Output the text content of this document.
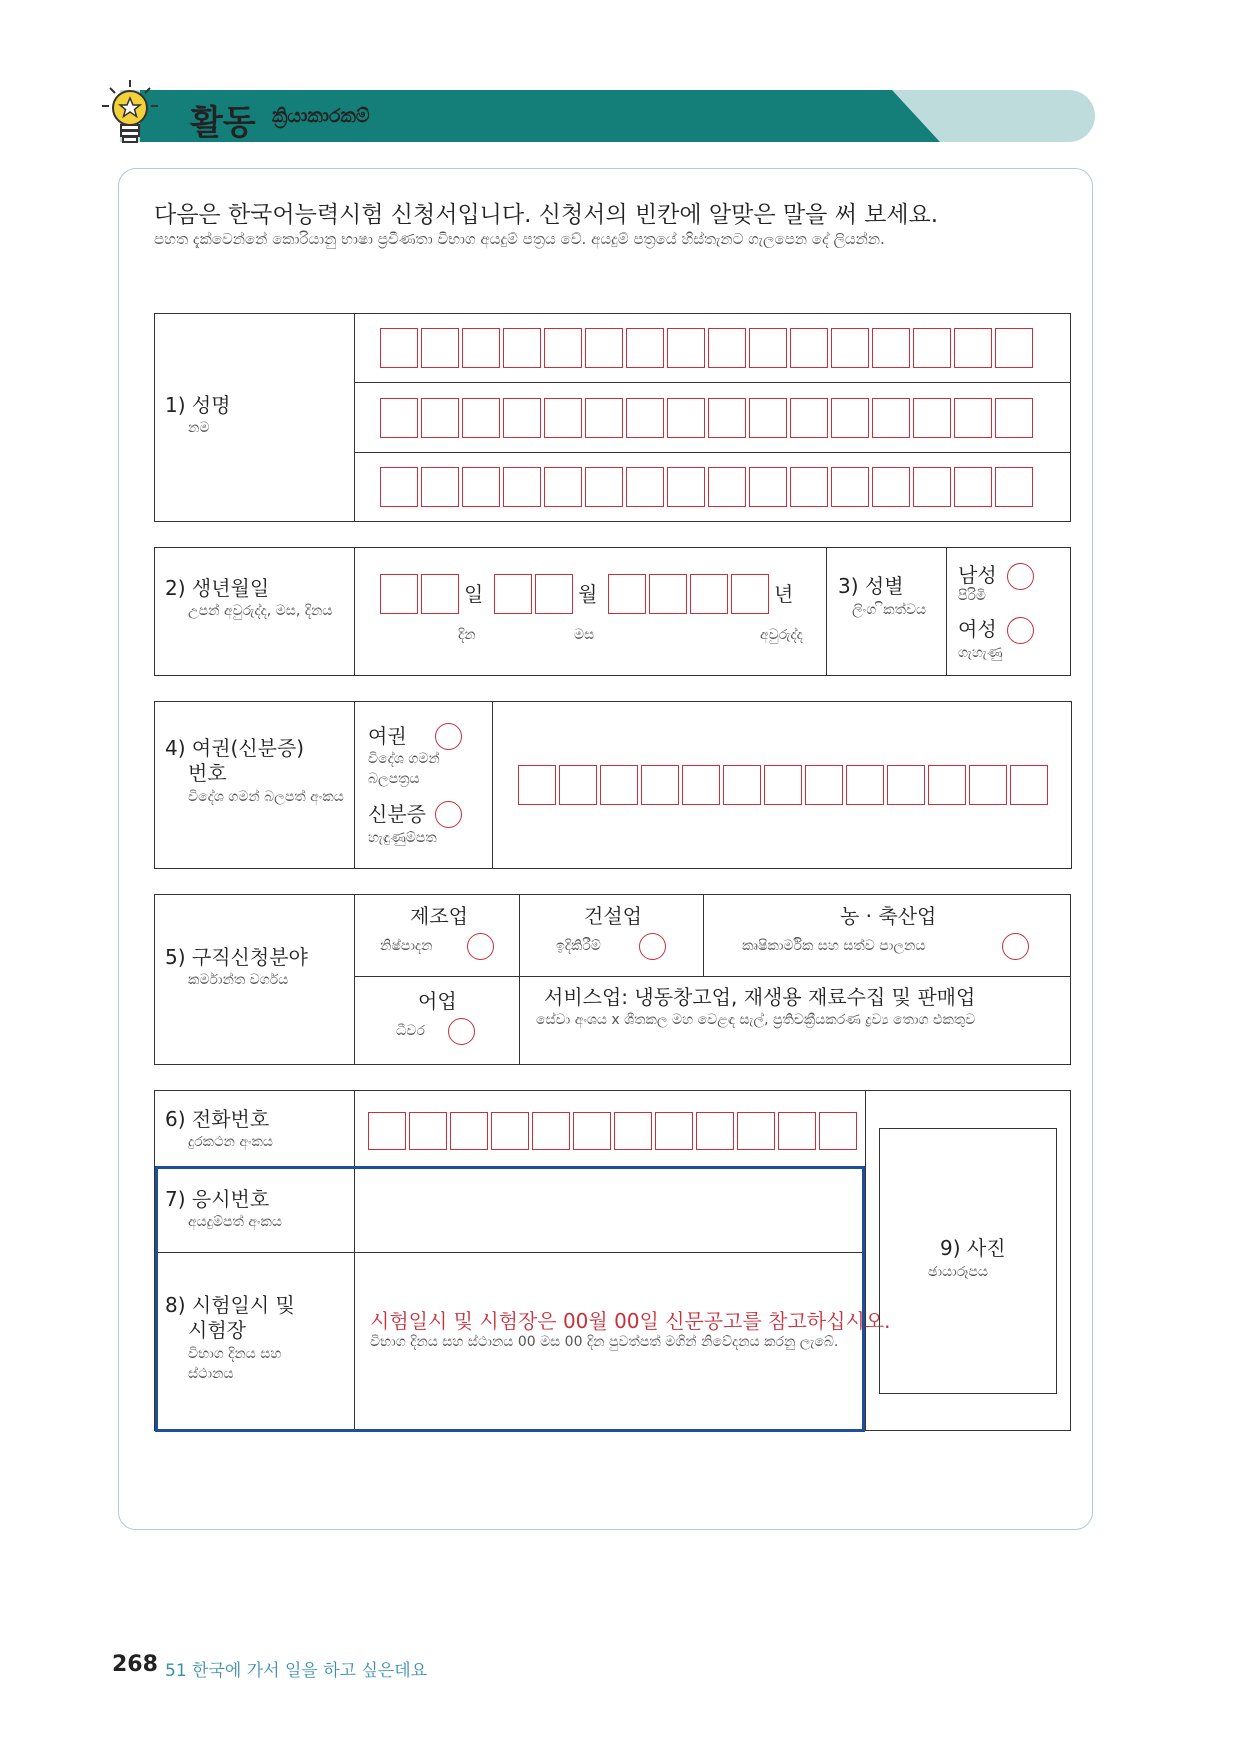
활동 ක්‍රියාකාරකම්
다음은 한국어능력시험 신청서입니다. 신청서의 빈칸에 알맞은 말을 써 보세요.
පහත දැක්වෙන්නේ කොරියානු භාෂා ප්‍රවීණතා විභාග අයදුම් පත්‍රය වේ. අයදුම් පත්‍රයේ හිස්තැනට ගැලපෙන දේ ලියන්න.
1) 성명
නම
2) 생년월일
උපන් අවුරුද්ද, මස, දිනය
일	월	년
දින	මස	අවුරුද්ද
3) 성별
ලිංග ිකත්වය
남성
පිරිමි
여성
ගැහැණු
4) 여권(신분증)
번호
විදේශ ගමන් බලපත් අංකය
여권
විදේශ ගමන් බලපත්‍රය
신분증
හැඳුණුම්පත
5) 구직신청분야
කර්මාන්ත වර්ගය
제조업
නිෂ්පාදන
건설업
ඉදිකිරීම්
농 · 축산업
කෘෂිකාර්මික සහ සත්ව පාලනය
어업
ධීවර
서비스업: 냉동창고업, 재생용 재료수집 및 판매업
සේවා අංශය x ශීතකල මහ වෙළඳ සැල්, ප්‍රතිචක්‍රීයකරණ ද්‍රව්‍ය තොග එකතුව
6) 전화번호
දුරකථන අංකය
7) 응시번호
අයදුම්පත් අංකය
8) 시험일시 및
시험장
විභාග දිනය සහ ස්ථානය
시험일시 및 시험장은 00월 00일 신문공고를 참고하십시오.
විභාග දිනය සහ ස්ථානය 00 මස 00 දින පුවත්පත් මගින් නිවේදනය කරනු ලැබේ.
9) 사진
ඡායාරූපය
268 51 한국에 가서 일을 하고 싶은데요
